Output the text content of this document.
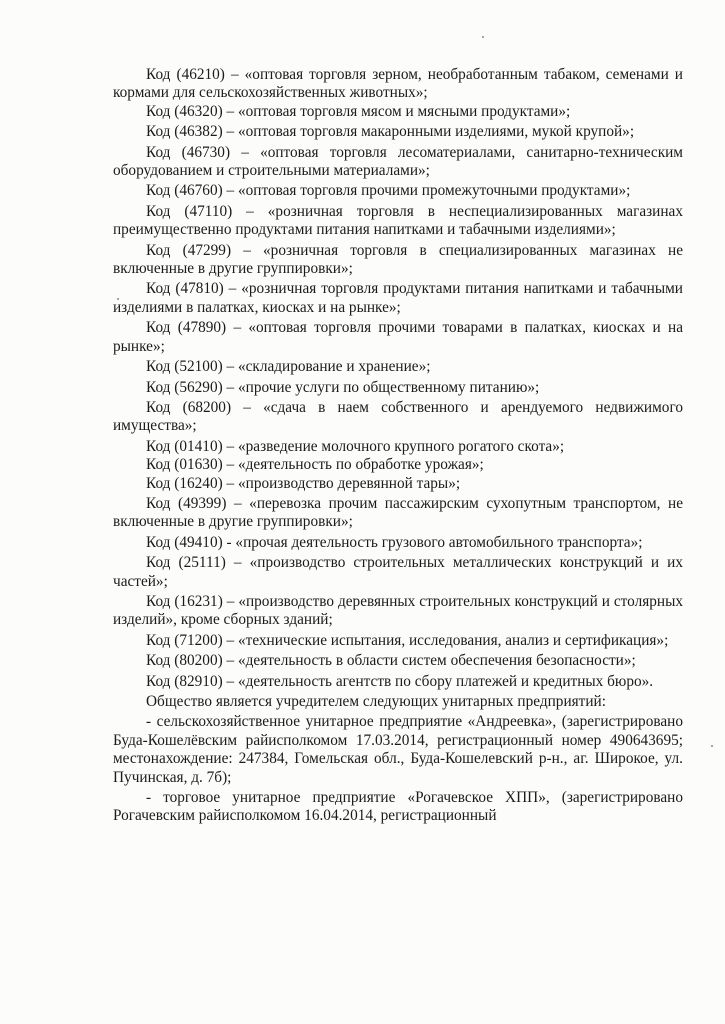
Код (46210) – «оптовая торговля зерном, необработанным табаком, семенами и кормами для сельскохозяйственных животных»;

Код (46320) – «оптовая торговля мясом и мясными продуктами»;

Код (46382) – «оптовая торговля макаронными изделиями, мукой крупой»;

Код (46730) – «оптовая торговля лесоматериалами, санитарно-техническим оборудованием и строительными материалами»;

Код (46760) – «оптовая торговля прочими промежуточными продуктами»;

Код (47110) – «розничная торговля в неспециализированных магазинах преимущественно продуктами питания напитками и табачными изделиями»;

Код (47299) – «розничная торговля в специализированных магазинах не включенные в другие группировки»;

Код (47810) – «розничная торговля продуктами питания напитками и табачными изделиями в палатках, киосках и на рынке»;

Код (47890) – «оптовая торговля прочими товарами в палатках, киосках и на рынке»;

Код (52100) – «складирование и хранение»;

Код (56290) – «прочие услуги по общественному питанию»;

Код (68200) – «сдача в наем собственного и арендуемого недвижимого имущества»;

Код (01410) – «разведение молочного крупного рогатого скота»;

Код (01630) – «деятельность по обработке урожая»;

Код (16240) – «производство деревянной тары»;

Код (49399) – «перевозка прочим пассажирским сухопутным транспортом, не включенные в другие группировки»;

Код (49410) - «прочая деятельность грузового автомобильного транспорта»;

Код (25111) – «производство строительных металлических конструкций и их частей»;

Код (16231) – «производство деревянных строительных конструкций и столярных изделий», кроме сборных зданий;

Код (71200) – «технические испытания, исследования, анализ и сертификация»;

Код (80200) – «деятельность в области систем обеспечения безопасности»;

Код (82910) – «деятельность агентств по сбору платежей и кредитных бюро».

Общество является учредителем следующих унитарных предприятий:

- сельскохозяйственное унитарное предприятие «Андреевка», (зарегистрировано Буда-Кошелёвским райисполкомом 17.03.2014, регистрационный номер 490643695; местонахождение: 247384, Гомельская обл., Буда-Кошелевский р-н., аг. Широкое, ул. Пучинская, д. 7б);

- торговое унитарное предприятие «Рогачевское ХПП», (зарегистрировано Рогачевским райисполкомом 16.04.2014, регистрационный
